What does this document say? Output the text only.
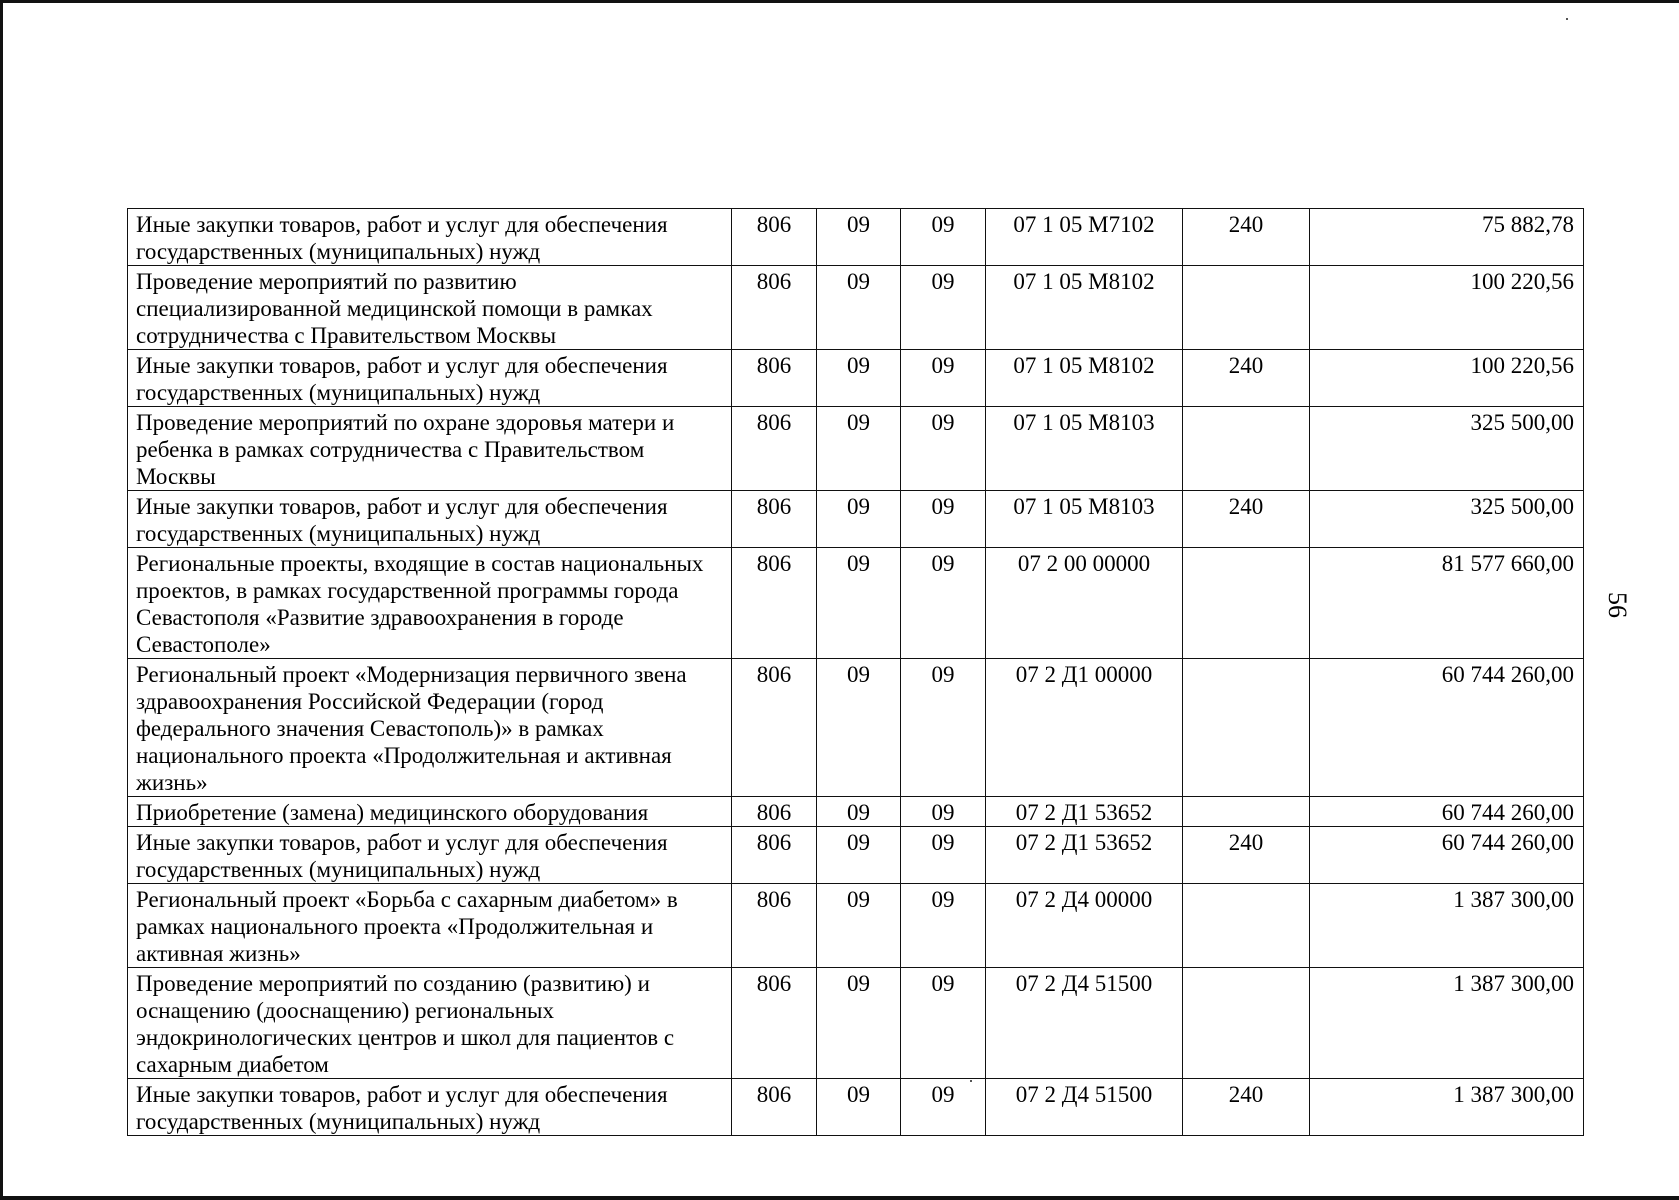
Иные закупки товаров, работ и услуг для обеспечения государственных (муниципальных) нужд	806	09	09	07 1 05 М7102	240	75 882,78
Проведение мероприятий по развитию специализированной медицинской помощи в рамках сотрудничества с Правительством Москвы	806	09	09	07 1 05 М8102		100 220,56
Иные закупки товаров, работ и услуг для обеспечения государственных (муниципальных) нужд	806	09	09	07 1 05 М8102	240	100 220,56
Проведение мероприятий по охране здоровья матери и ребенка в рамках сотрудничества с Правительством Москвы	806	09	09	07 1 05 М8103		325 500,00
Иные закупки товаров, работ и услуг для обеспечения государственных (муниципальных) нужд	806	09	09	07 1 05 М8103	240	325 500,00
Региональные проекты, входящие в состав национальных проектов, в рамках государственной программы города Севастополя «Развитие здравоохранения в городе Севастополе»	806	09	09	07 2 00 00000		81 577 660,00
Региональный проект «Модернизация первичного звена здравоохранения Российской Федерации (город федерального значения Севастополь)» в рамках национального проекта «Продолжительная и активная жизнь»	806	09	09	07 2 Д1 00000		60 744 260,00
Приобретение (замена) медицинского оборудования	806	09	09	07 2 Д1 53652		60 744 260,00
Иные закупки товаров, работ и услуг для обеспечения государственных (муниципальных) нужд	806	09	09	07 2 Д1 53652	240	60 744 260,00
Региональный проект «Борьба с сахарным диабетом» в рамках национального проекта «Продолжительная и активная жизнь»	806	09	09	07 2 Д4 00000		1 387 300,00
Проведение мероприятий по созданию (развитию) и оснащению (дооснащению) региональных эндокринологических центров и школ для пациентов с сахарным диабетом	806	09	09	07 2 Д4 51500		1 387 300,00
Иные закупки товаров, работ и услуг для обеспечения государственных (муниципальных) нужд	806	09	09	07 2 Д4 51500	240	1 387 300,00
56
